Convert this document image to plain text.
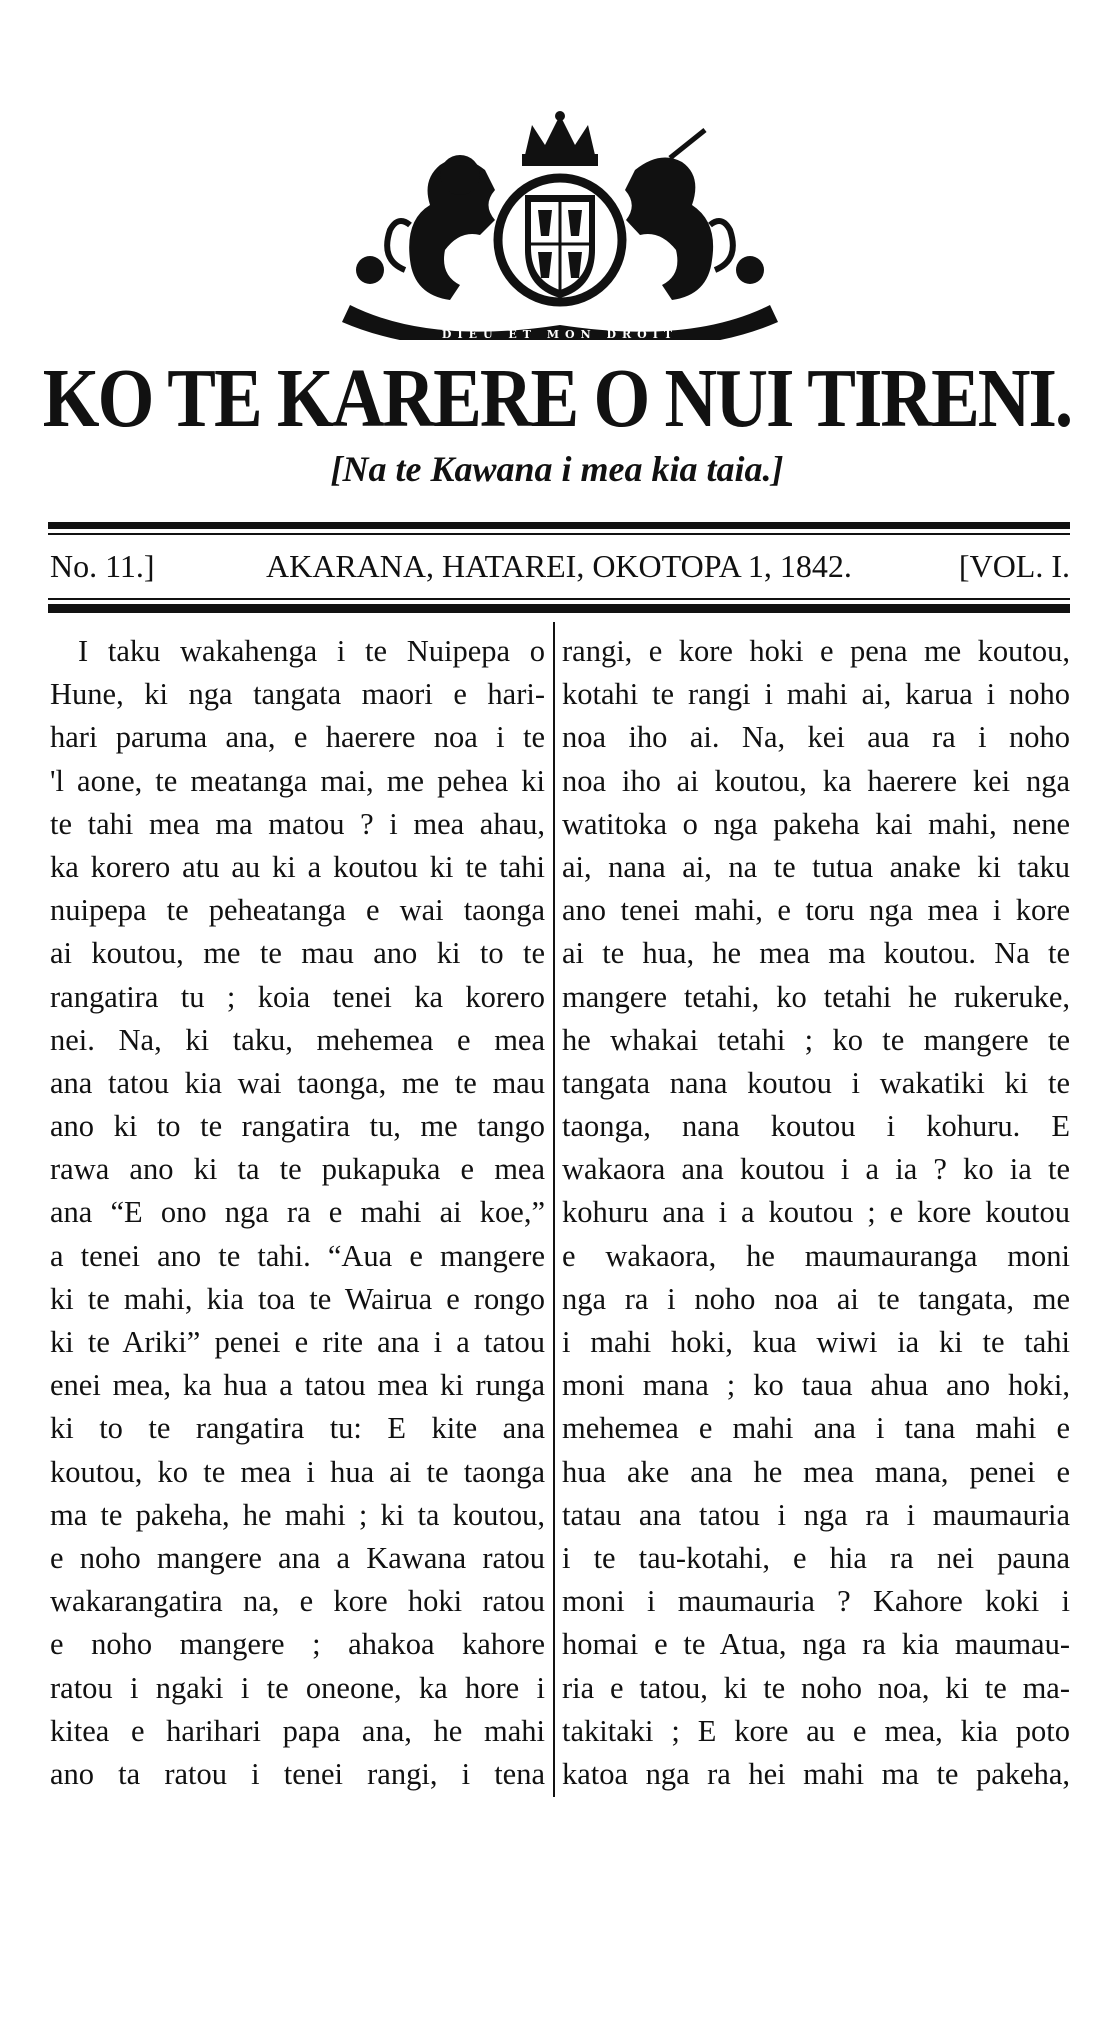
DIEU ET MON DROIT
KO TE KARERE O NUI TIRENI.
[Na te Kawana i mea kia taia.]
No. 11.]	AKARANA, HATAREI, OKOTOPA 1, 1842.	[VOL. I.
I taku wakahenga i te Nuipepa o
Hune, ki nga tangata maori e hari-
hari paruma ana, e haerere noa i te
'l aone, te meatanga mai, me pehea ki
te tahi mea ma matou ? i mea ahau,
ka korero atu au ki a koutou ki te tahi
nuipepa te peheatanga e wai taonga
ai koutou, me te mau ano ki to te
rangatira tu ; koia tenei ka korero
nei. Na, ki taku, mehemea e mea
ana tatou kia wai taonga, me te mau
ano ki to te rangatira tu, me tango
rawa ano ki ta te pukapuka e mea
ana “E ono nga ra e mahi ai koe,”
a tenei ano te tahi. “Aua e mangere
ki te mahi, kia toa te Wairua e rongo
ki te Ariki” penei e rite ana i a tatou
enei mea, ka hua a tatou mea ki runga
ki to te rangatira tu: E kite ana
koutou, ko te mea i hua ai te taonga
ma te pakeha, he mahi ; ki ta koutou,
e noho mangere ana a Kawana ratou
wakarangatira na, e kore hoki ratou
e noho mangere ; ahakoa kahore
ratou i ngaki i te oneone, ka hore i
kitea e harihari papa ana, he mahi
ano ta ratou i tenei rangi, i tena
rangi, e kore hoki e pena me koutou,
kotahi te rangi i mahi ai, karua i noho
noa iho ai. Na, kei aua ra i noho
noa iho ai koutou, ka haerere kei nga
watitoka o nga pakeha kai mahi, nene
ai, nana ai, na te tutua anake ki taku
ano tenei mahi, e toru nga mea i kore
ai te hua, he mea ma koutou. Na te
mangere tetahi, ko tetahi he rukeruke,
he whakai tetahi ; ko te mangere te
tangata nana koutou i wakatiki ki te
taonga, nana koutou i kohuru. E
wakaora ana koutou i a ia ? ko ia te
kohuru ana i a koutou ; e kore koutou
e wakaora, he maumauranga moni
nga ra i noho noa ai te tangata, me
i mahi hoki, kua wiwi ia ki te tahi
moni mana ; ko taua ahua ano hoki,
mehemea e mahi ana i tana mahi e
hua ake ana he mea mana, penei e
tatau ana tatou i nga ra i maumauria
i te tau-kotahi, e hia ra nei pauna
moni i maumauria ? Kahore koki i
homai e te Atua, nga ra kia maumau-
ria e tatou, ki te noho noa, ki te ma-
takitaki ; E kore au e mea, kia poto
katoa nga ra hei mahi ma te pakeha,
